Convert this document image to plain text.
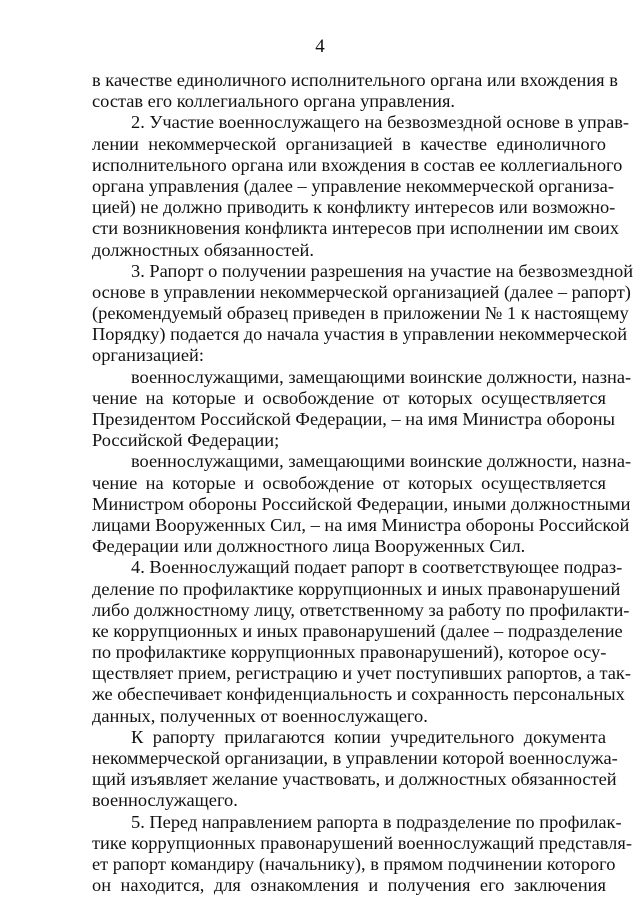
4
в качестве единоличного исполнительного органа или вхождения в
состав его коллегиального органа управления.
2. Участие военнослужащего на безвозмездной основе в управ-
лении некоммерческой организацией в качестве единоличного
исполнительного органа или вхождения в состав ее коллегиального
органа управления (далее – управление некоммерческой организа-
цией) не должно приводить к конфликту интересов или возможно-
сти возникновения конфликта интересов при исполнении им своих
должностных обязанностей.
3. Рапорт о получении разрешения на участие на безвозмездной
основе в управлении некоммерческой организацией (далее – рапорт)
(рекомендуемый образец приведен в приложении № 1 к настоящему
Порядку) подается до начала участия в управлении некоммерческой
организацией:
военнослужащими, замещающими воинские должности, назна-
чение на которые и освобождение от которых осуществляется
Президентом Российской Федерации, – на имя Министра обороны
Российской Федерации;
военнослужащими, замещающими воинские должности, назна-
чение на которые и освобождение от которых осуществляется
Министром обороны Российской Федерации, иными должностными
лицами Вооруженных Сил, – на имя Министра обороны Российской
Федерации или должностного лица Вооруженных Сил.
4. Военнослужащий подает рапорт в соответствующее подраз-
деление по профилактике коррупционных и иных правонарушений
либо должностному лицу, ответственному за работу по профилакти-
ке коррупционных и иных правонарушений (далее – подразделение
по профилактике коррупционных правонарушений), которое осу-
ществляет прием, регистрацию и учет поступивших рапортов, а так-
же обеспечивает конфиденциальность и сохранность персональных
данных, полученных от военнослужащего.
К рапорту прилагаются копии учредительного документа
некоммерческой организации, в управлении которой военнослужа-
щий изъявляет желание участвовать, и должностных обязанностей
военнослужащего.
5. Перед направлением рапорта в подразделение по профилак-
тике коррупционных правонарушений военнослужащий представля-
ет рапорт командиру (начальнику), в прямом подчинении которого
он находится, для ознакомления и получения его заключения
